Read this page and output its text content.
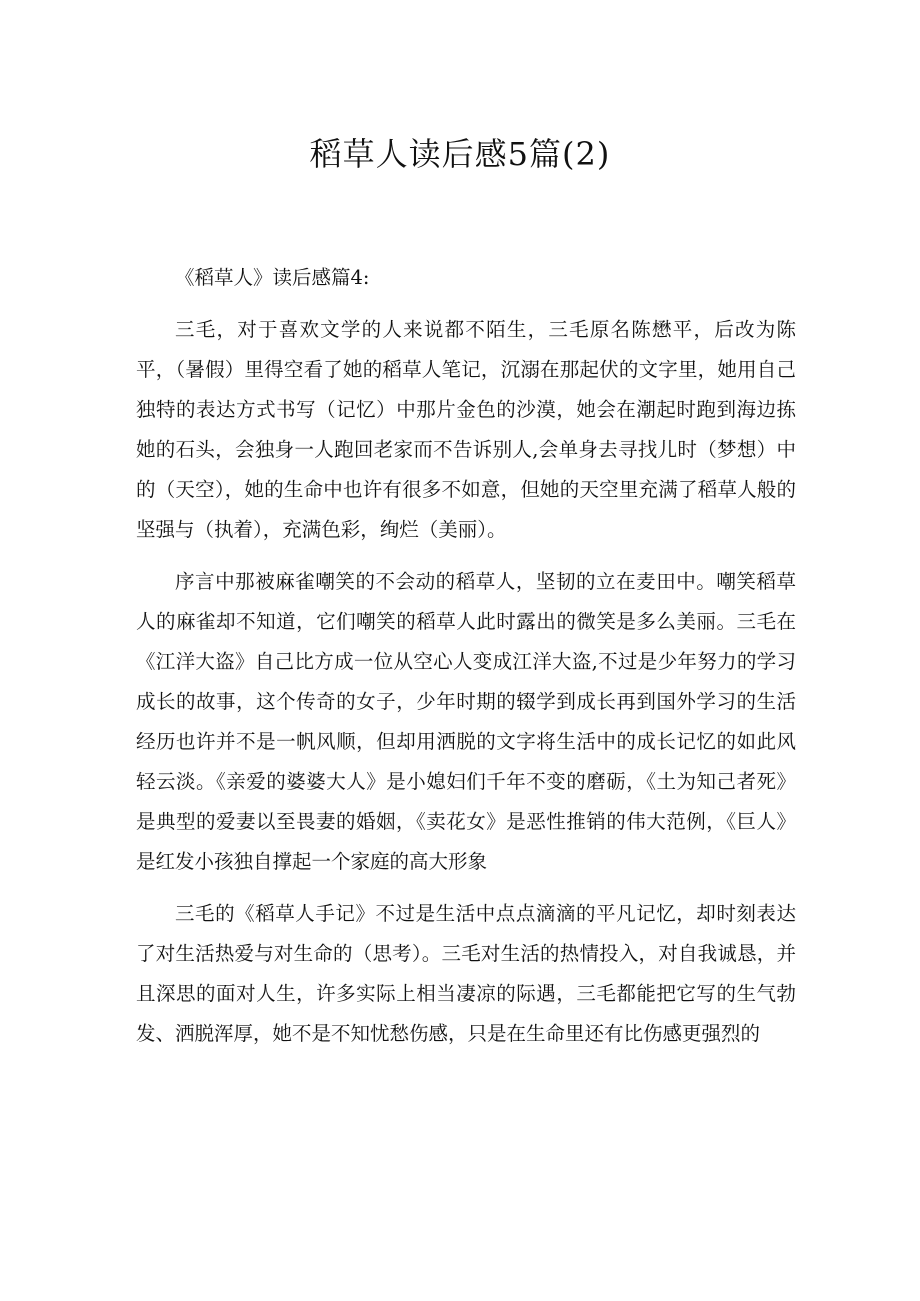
稻草人读后感5篇(2)

《稻草人》读后感篇4:

三毛，对于喜欢文学的人来说都不陌生，三毛原名陈懋平，后改为陈平，（暑假）里得空看了她的稻草人笔记，沉溺在那起伏的文字里，她用自己独特的表达方式书写（记忆）中那片金色的沙漠，她会在潮起时跑到海边拣她的石头，会独身一人跑回老家而不告诉别人,会单身去寻找儿时（梦想）中的（天空），她的生命中也许有很多不如意，但她的天空里充满了稻草人般的坚强与（执着），充满色彩，绚烂（美丽）。

序言中那被麻雀嘲笑的不会动的稻草人，坚韧的立在麦田中。嘲笑稻草人的麻雀却不知道，它们嘲笑的稻草人此时露出的微笑是多么美丽。三毛在《江洋大盗》自己比方成一位从空心人变成江洋大盗,不过是少年努力的学习成长的故事，这个传奇的女子，少年时期的辍学到成长再到国外学习的生活经历也许并不是一帆风顺，但却用洒脱的文字将生活中的成长记忆的如此风轻云淡。《亲爱的婆婆大人》是小媳妇们千年不变的磨砺，《土为知己者死》是典型的爱妻以至畏妻的婚姻，《卖花女》是恶性推销的伟大范例，《巨人》是红发小孩独自撑起一个家庭的高大形象

三毛的《稻草人手记》不过是生活中点点滴滴的平凡记忆，却时刻表达了对生活热爱与对生命的（思考）。三毛对生活的热情投入，对自我诚恳，并且深思的面对人生，许多实际上相当凄凉的际遇，三毛都能把它写的生气勃发、洒脱浑厚，她不是不知忧愁伤感，只是在生命里还有比伤感更强烈的
